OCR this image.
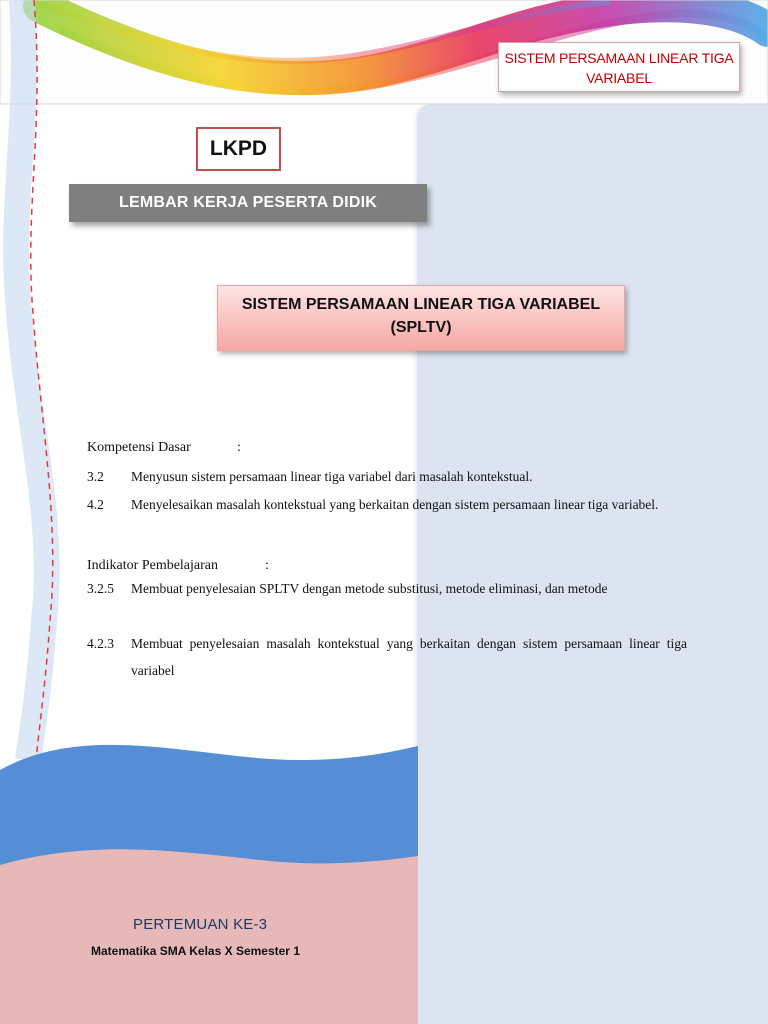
SISTEM PERSAMAAN LINEAR TIGA
VARIABEL
LKPD
LEMBAR KERJA PESERTA DIDIK
SISTEM PERSAMAAN LINEAR TIGA VARIABEL
(SPLTV)
Kompetensi Dasar	:
3.2 Menyusun sistem persamaan linear tiga variabel dari masalah kontekstual.
4.2 Menyelesaikan masalah kontekstual yang berkaitan dengan sistem persamaan linear tiga variabel.
Indikator Pembelajaran	:
3.2.5 Membuat penyelesaian SPLTV dengan metode substitusi, metode eliminasi, dan metode
4.2.3 Membuat penyelesaian masalah kontekstual yang berkaitan dengan sistem persamaan linear tiga variabel
PERTEMUAN KE-3
Matematika SMA Kelas X Semester 1
